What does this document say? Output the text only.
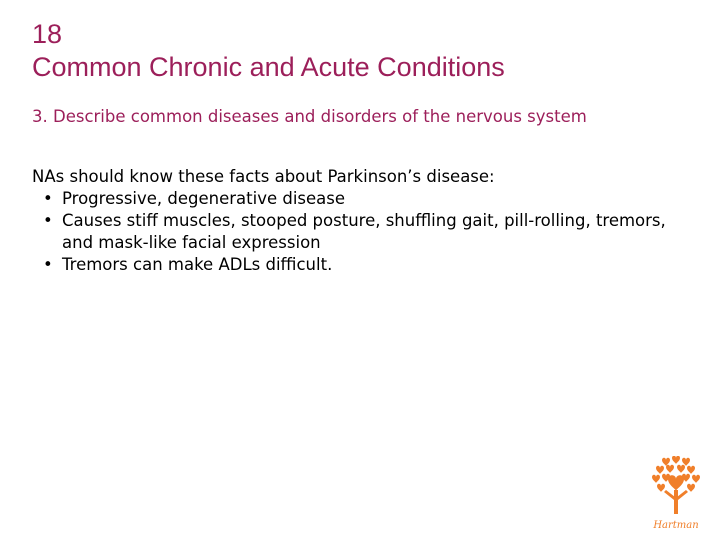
18
Common Chronic and Acute Conditions
3. Describe common diseases and disorders of the nervous system

NAs should know these facts about Parkinson’s disease:

• Progressive, degenerative disease
• Causes stiff muscles, stooped posture, shuffling gait, pill-rolling, tremors, and mask-like facial expression
• Tremors can make ADLs difficult.
Hartman
